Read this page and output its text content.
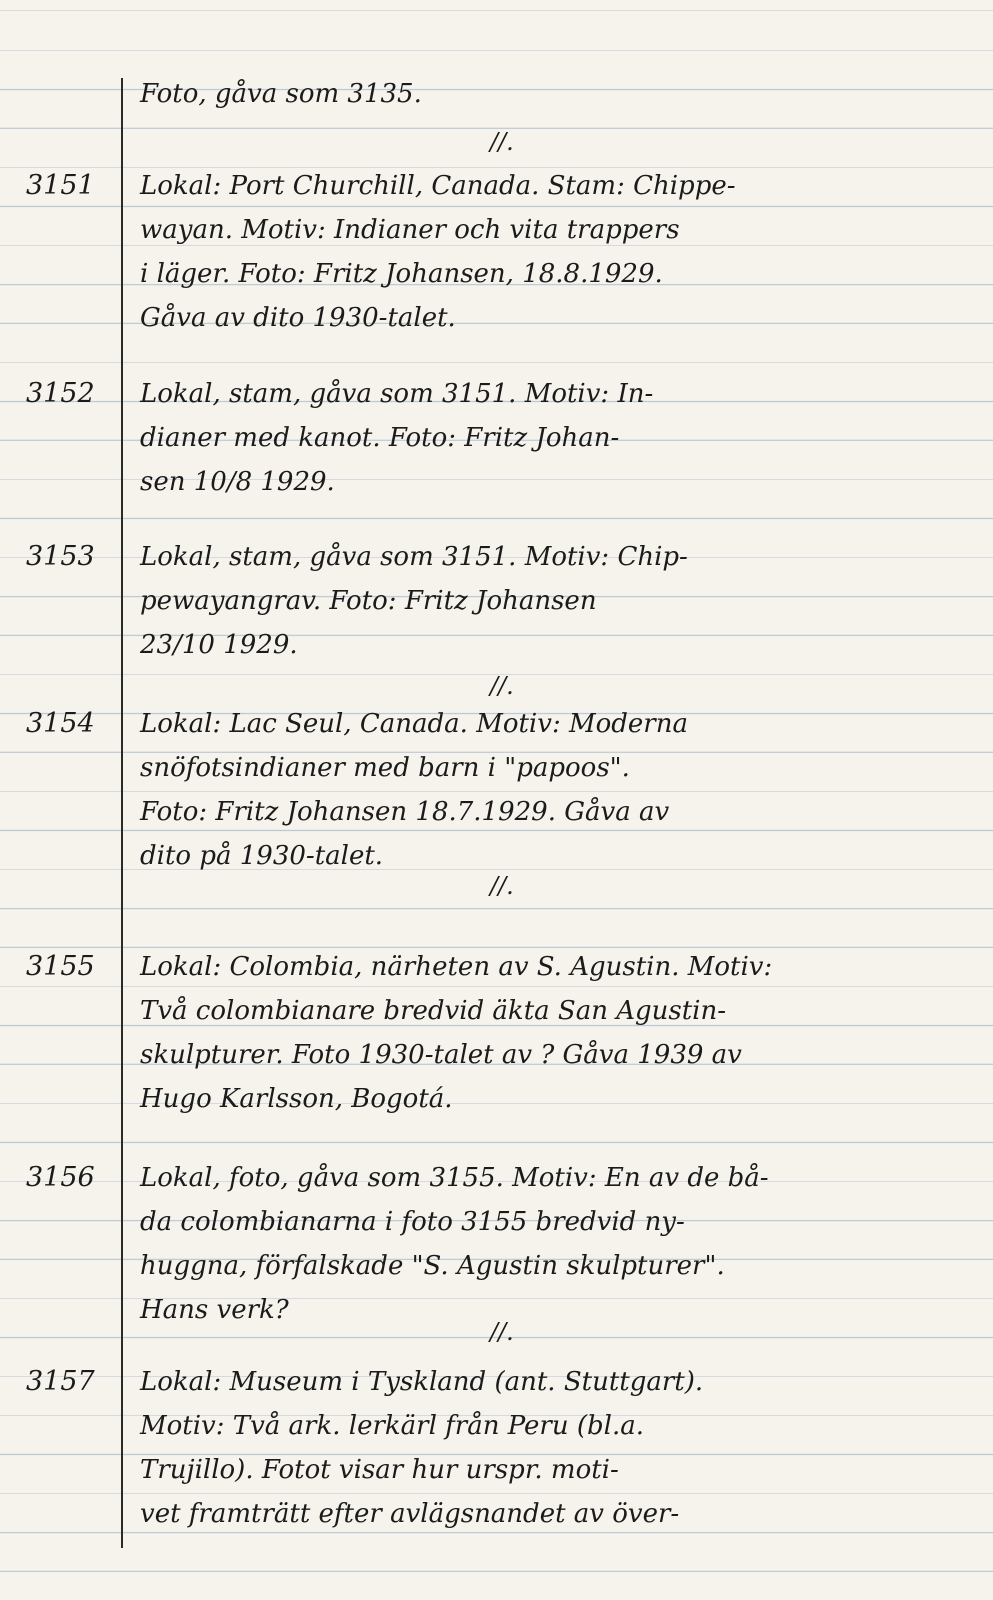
Foto, gåva som 3135.
//.
3151	Lokal: Port Churchill, Canada. Stam: Chippe-
wayan. Motiv: Indianer och vita trappers
i läger. Foto: Fritz Johansen, 18.8.1929.
Gåva av dito 1930-talet.
3152	Lokal, stam, gåva som 3151. Motiv: In-
dianer med kanot. Foto: Fritz Johan-
sen 10/8 1929.
3153	Lokal, stam, gåva som 3151. Motiv: Chip-
pewayangrav. Foto: Fritz Johansen
23/10 1929.
//.
3154	Lokal: Lac Seul, Canada. Motiv: Moderna
snöfotsindianer med barn i "papoos".
Foto: Fritz Johansen 18.7.1929. Gåva av
dito på 1930-talet.
//.
3155	Lokal: Colombia, närheten av S. Agustin. Motiv:
Två colombianare bredvid äkta San Agustin-
skulpturer. Foto 1930-talet av ? Gåva 1939 av
Hugo Karlsson, Bogotá.
3156	Lokal, foto, gåva som 3155. Motiv: En av de bå-
da colombianarna i foto 3155 bredvid ny-
huggna, förfalskade "S. Agustin skulpturer".
Hans verk?
//.
3157	Lokal: Museum i Tyskland (ant. Stuttgart).
Motiv: Två ark. lerkärl från Peru (bl.a.
Trujillo). Fotot visar hur urspr. moti-
vet framträtt efter avlägsnandet av över-
